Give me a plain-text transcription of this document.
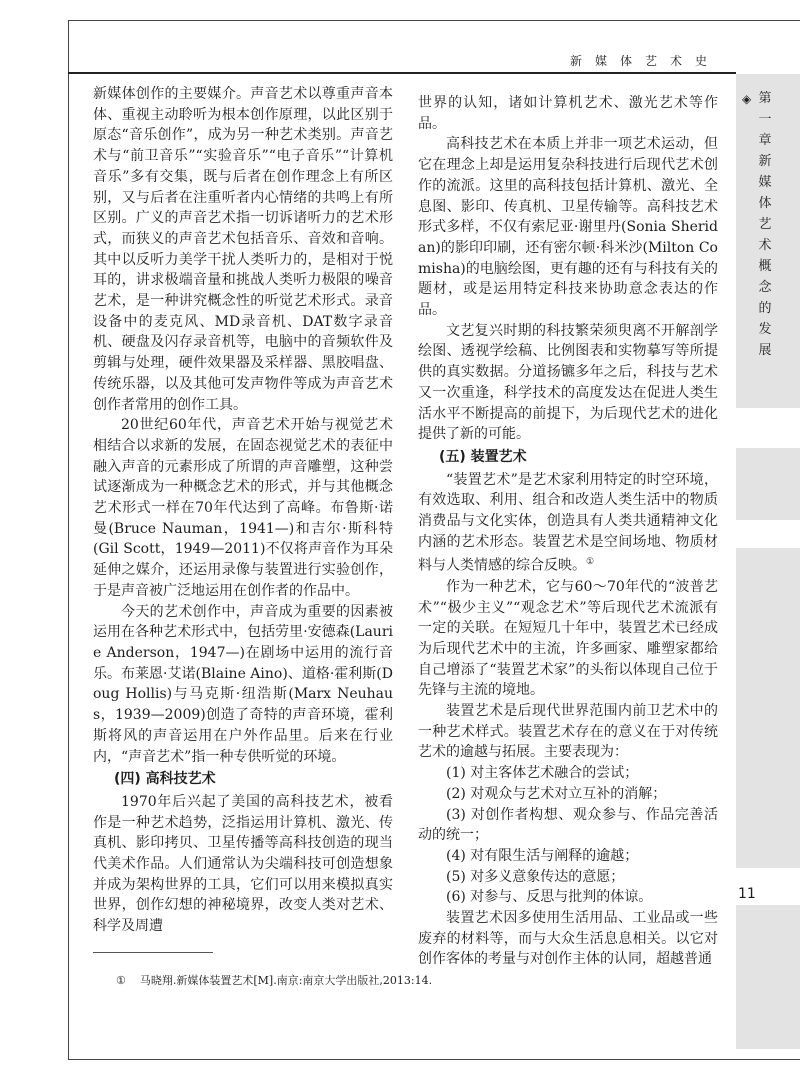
新媒体艺术史
◈ 第一章 新媒体艺术概念的发展
11

新媒体创作的主要媒介。声音艺术以尊重声音本体、重视主动聆听为根本创作原理，以此区别于原态“音乐创作”，成为另一种艺术类别。声音艺术与“前卫音乐”“实验音乐”“电子音乐”“计算机音乐”多有交集，既与后者在创作理念上有所区别，又与后者在注重听者内心情绪的共鸣上有所区别。广义的声音艺术指一切诉诸听力的艺术形式，而狭义的声音艺术包括音乐、音效和音响。其中以反听力美学干扰人类听力的，是相对于悦耳的，讲求极端音量和挑战人类听力极限的噪音艺术，是一种讲究概念性的听觉艺术形式。录音设备中的麦克风、MD录音机、DAT数字录音机、硬盘及闪存录音机等，电脑中的音频软件及剪辑与处理，硬件效果器及采样器、黑胶唱盘、传统乐器，以及其他可发声物件等成为声音艺术创作者常用的创作工具。

20世纪60年代，声音艺术开始与视觉艺术相结合以求新的发展，在固态视觉艺术的表征中融入声音的元素形成了所谓的声音雕塑，这种尝试逐渐成为一种概念艺术的形式，并与其他概念艺术形式一样在70年代达到了高峰。布鲁斯·诺曼(Bruce Nauman，1941—)和吉尔·斯科特(Gil Scott，1949—2011)不仅将声音作为耳朵延伸之媒介，还运用录像与装置进行实验创作，于是声音被广泛地运用在创作者的作品中。

今天的艺术创作中，声音成为重要的因素被运用在各种艺术形式中，包括劳里·安德森(Laurie Anderson，1947—)在剧场中运用的流行音乐。布莱恩·艾诺(Blaine Aino)、道格·霍利斯(Doug Hollis)与马克斯·纽浩斯(Marx Neuhaus，1939—2009)创造了奇特的声音环境，霍利斯将风的声音运用在户外作品里。后来在行业内，“声音艺术”指一种专供听觉的环境。

(四) 高科技艺术

1970年后兴起了美国的高科技艺术，被看作是一种艺术趋势，泛指运用计算机、激光、传真机、影印拷贝、卫星传播等高科技创造的现当代美术作品。人们通常认为尖端科技可创造想象并成为架构世界的工具，它们可以用来模拟真实世界，创作幻想的神秘境界，改变人类对艺术、科学及周遭

世界的认知，诸如计算机艺术、激光艺术等作品。

高科技艺术在本质上并非一项艺术运动，但它在理念上却是运用复杂科技进行后现代艺术创作的流派。这里的高科技包括计算机、激光、全息图、影印、传真机、卫星传输等。高科技艺术形式多样，不仅有索尼亚·谢里丹(Sonia Sheridan)的影印印刷，还有密尔顿·科米沙(Milton Comisha)的电脑绘图，更有趣的还有与科技有关的题材，或是运用特定科技来协助意念表达的作品。

文艺复兴时期的科技繁荣须臾离不开解剖学绘图、透视学绘稿、比例图表和实物摹写等所提供的真实数据。分道扬镳多年之后，科技与艺术又一次重逢，科学技术的高度发达在促进人类生活水平不断提高的前提下，为后现代艺术的进化提供了新的可能。

(五) 装置艺术

“装置艺术”是艺术家利用特定的时空环境，有效选取、利用、组合和改造人类生活中的物质消费品与文化实体，创造具有人类共通精神文化内涵的艺术形态。装置艺术是空间场地、物质材料与人类情感的综合反映。①

作为一种艺术，它与60～70年代的“波普艺术”“极少主义”“观念艺术”等后现代艺术流派有一定的关联。在短短几十年中，装置艺术已经成为后现代艺术中的主流，许多画家、雕塑家都给自己增添了“装置艺术家”的头衔以体现自己位于先锋与主流的境地。

装置艺术是后现代世界范围内前卫艺术中的一种艺术样式。装置艺术存在的意义在于对传统艺术的逾越与拓展。主要表现为：

(1) 对主客体艺术融合的尝试；

(2) 对观众与艺术对立互补的消解；

(3) 对创作者构想、观众参与、作品完善活动的统一；

(4) 对有限生活与阐释的逾越；

(5) 对多义意象传达的意愿；

(6) 对参与、反思与批判的体谅。

装置艺术因多使用生活用品、工业品或一些废弃的材料等，而与大众生活息息相关。以它对创作客体的考量与对创作主体的认同，超越普通

① 马晓翔.新媒体装置艺术[M].南京:南京大学出版社,2013:14.
